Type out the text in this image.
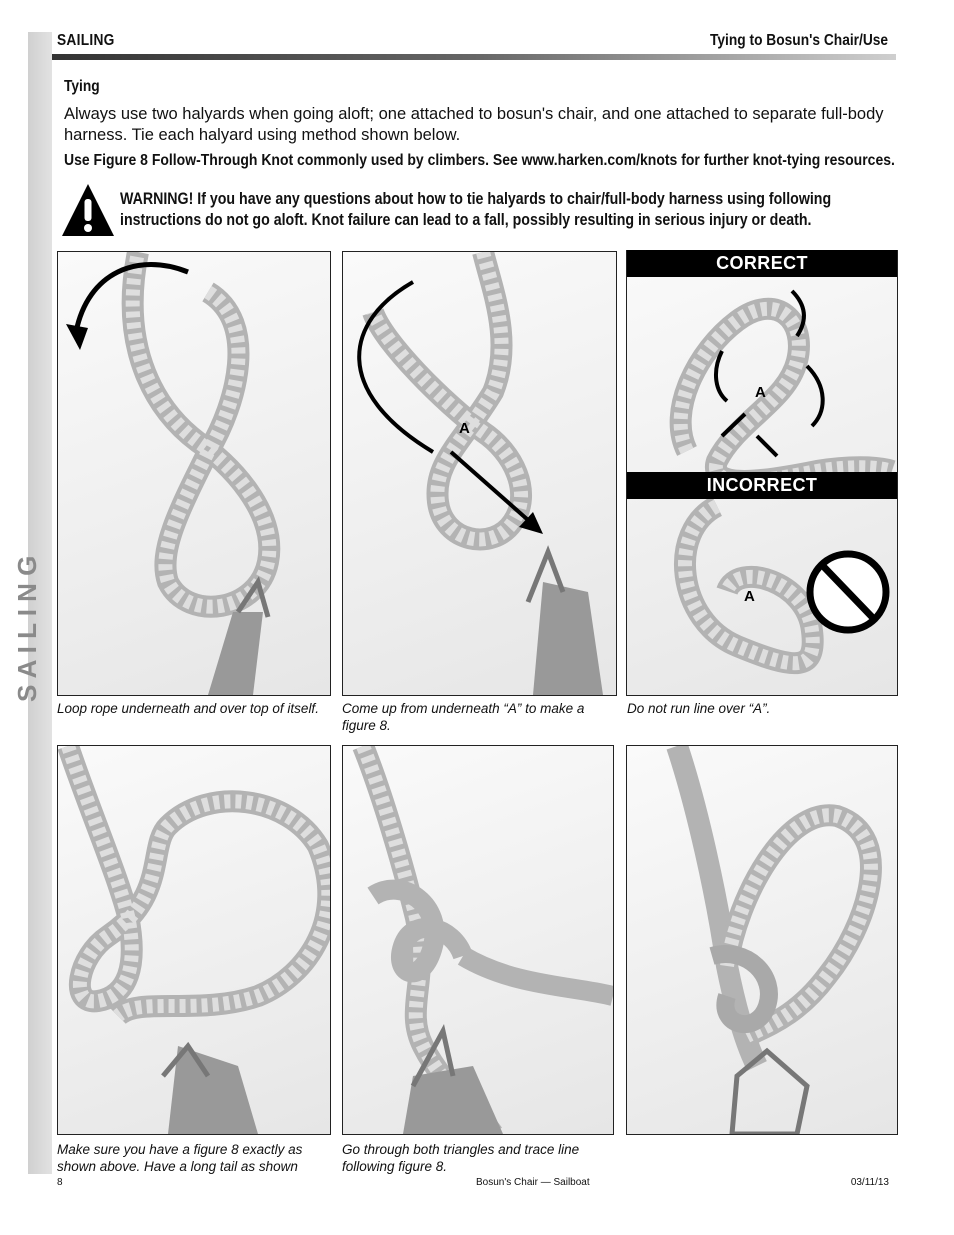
S A I L I N G
SAILING	Tying to Bosun's Chair/Use
Tying
Always use two halyards when going aloft; one attached to bosun's chair, and one attached to separate full-body harness. Tie each halyard using method shown below.
Use Figure 8 Follow-Through Knot commonly used by climbers. See www.harken.com/knots for further knot-tying resources.
WARNING! If you have any questions about how to tie halyards to chair/full-body harness using following instructions do not go aloft. Knot failure can lead to a fall, possibly resulting in serious injury or death.
Loop rope underneath and over top of itself.
A
Come up from underneath “A” to make a figure 8.
A
A
CORRECT
INCORRECT
Do not run line over “A”.
Make sure you have a figure 8 exactly as shown above. Have a long tail as shown
Go through both triangles and trace line following figure 8.
8	Bosun's Chair — Sailboat	03/11/13
